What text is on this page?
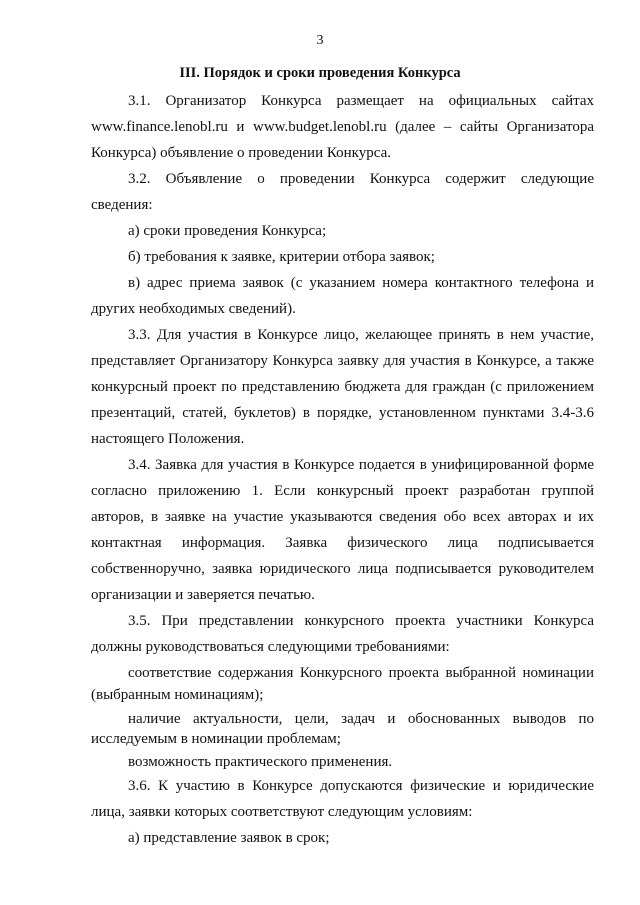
3
III. Порядок и сроки проведения Конкурса
3.1. Организатор Конкурса размещает на официальных сайтах
www.finance.lenobl.ru и www.budget.lenobl.ru (далее – сайты Организатора
Конкурса) объявление о проведении Конкурса.
3.2. Объявление о проведении Конкурса содержит следующие
сведения:
а) сроки проведения Конкурса;
б) требования к заявке, критерии отбора заявок;
в) адрес приема заявок (с указанием номера контактного телефона и
других необходимых сведений).
3.3. Для участия в Конкурсе лицо, желающее принять в нем участие,
представляет Организатору Конкурса заявку для участия в Конкурсе, а также
конкурсный проект по представлению бюджета для граждан (с приложением
презентаций, статей, буклетов) в порядке, установленном пунктами 3.4-3.6
настоящего Положения.
3.4. Заявка для участия в Конкурсе подается в унифицированной форме
согласно приложению 1. Если конкурсный проект разработан группой
авторов, в заявке на участие указываются сведения обо всех авторах и их
контактная информация. Заявка физического лица подписывается
собственноручно, заявка юридического лица подписывается руководителем
организации и заверяется печатью.
3.5. При представлении конкурсного проекта участники Конкурса
должны руководствоваться следующими требованиями:
соответствие содержания Конкурсного проекта выбранной номинации
(выбранным номинациям);
наличие актуальности, цели, задач и обоснованных выводов по
исследуемым в номинации проблемам;
возможность практического применения.
3.6. К участию в Конкурсе допускаются физические и юридические
лица, заявки которых соответствуют следующим условиям:
а) представление заявок в срок;
